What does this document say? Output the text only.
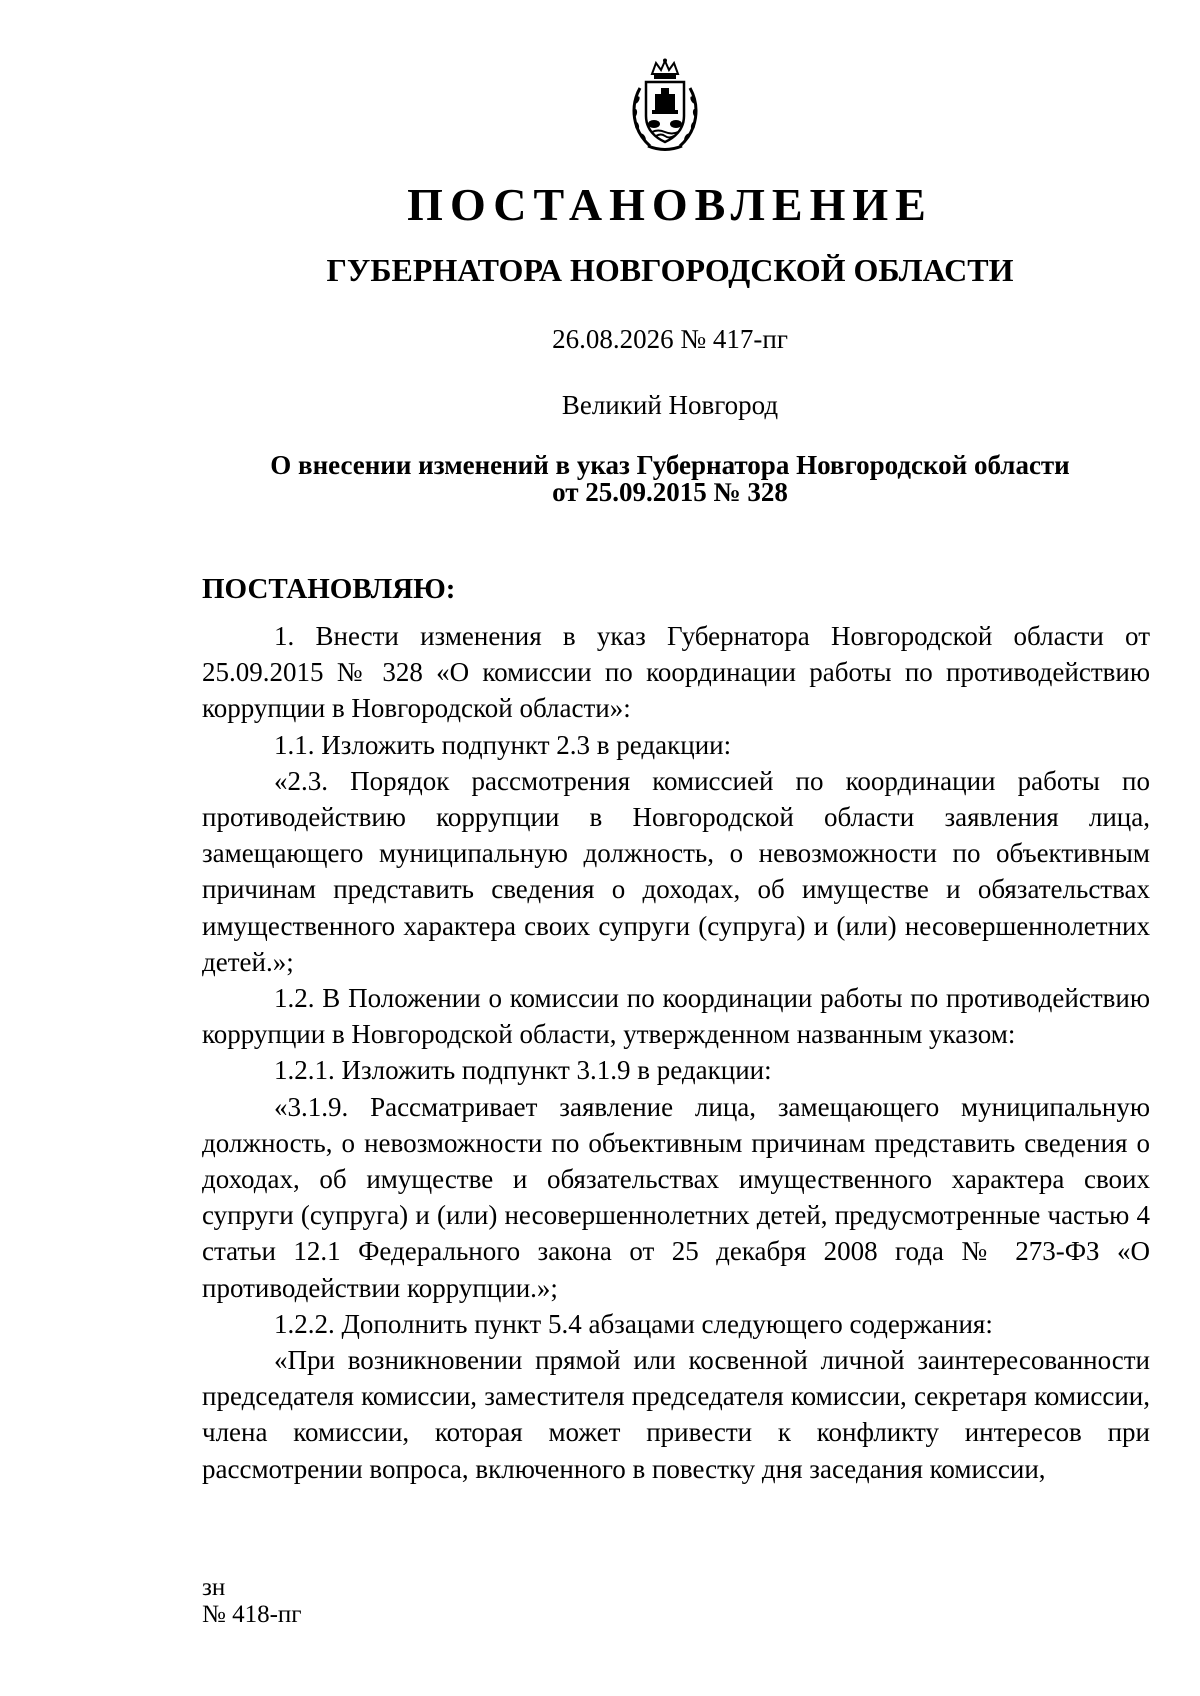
ПОСТАНОВЛЕНИЕ
ГУБЕРНАТОРА НОВГОРОДСКОЙ ОБЛАСТИ
26.08.2026 № 417-пг
Великий Новгород
О внесении изменений в указ Губернатора Новгородской области
от 25.09.2015 № 328
ПОСТАНОВЛЯЮ:

1. Внести изменения в указ Губернатора Новгородской области от 25.09.2015 № 328 «О комиссии по координации работы по противодействию коррупции в Новгородской области»:

1.1. Изложить подпункт 2.3 в редакции:

«2.3. Порядок рассмотрения комиссией по координации работы по противодействию коррупции в Новгородской области заявления лица, замещающего муниципальную должность, о невозможности по объективным причинам представить сведения о доходах, об имуществе и обязательствах имущественного характера своих супруги (супруга) и (или) несовершеннолетних детей.»;

1.2. В Положении о комиссии по координации работы по противодействию коррупции в Новгородской области, утвержденном названным указом:

1.2.1. Изложить подпункт 3.1.9 в редакции:

«3.1.9. Рассматривает заявление лица, замещающего муниципальную должность, о невозможности по объективным причинам представить сведения о доходах, об имуществе и обязательствах имущественного характера своих супруги (супруга) и (или) несовершеннолетних детей, предусмотренные частью 4 статьи 12.1 Федерального закона от 25 декабря 2008 года № 273-ФЗ «О противодействии коррупции.»;

1.2.2. Дополнить пункт 5.4 абзацами следующего содержания:

«При возникновении прямой или косвенной личной заинтересованности председателя комиссии, заместителя председателя комиссии, секретаря комиссии, члена комиссии, которая может привести к конфликту интересов при рассмотрении вопроса, включенного в повестку дня заседания комиссии,

зн
№ 418-пг
